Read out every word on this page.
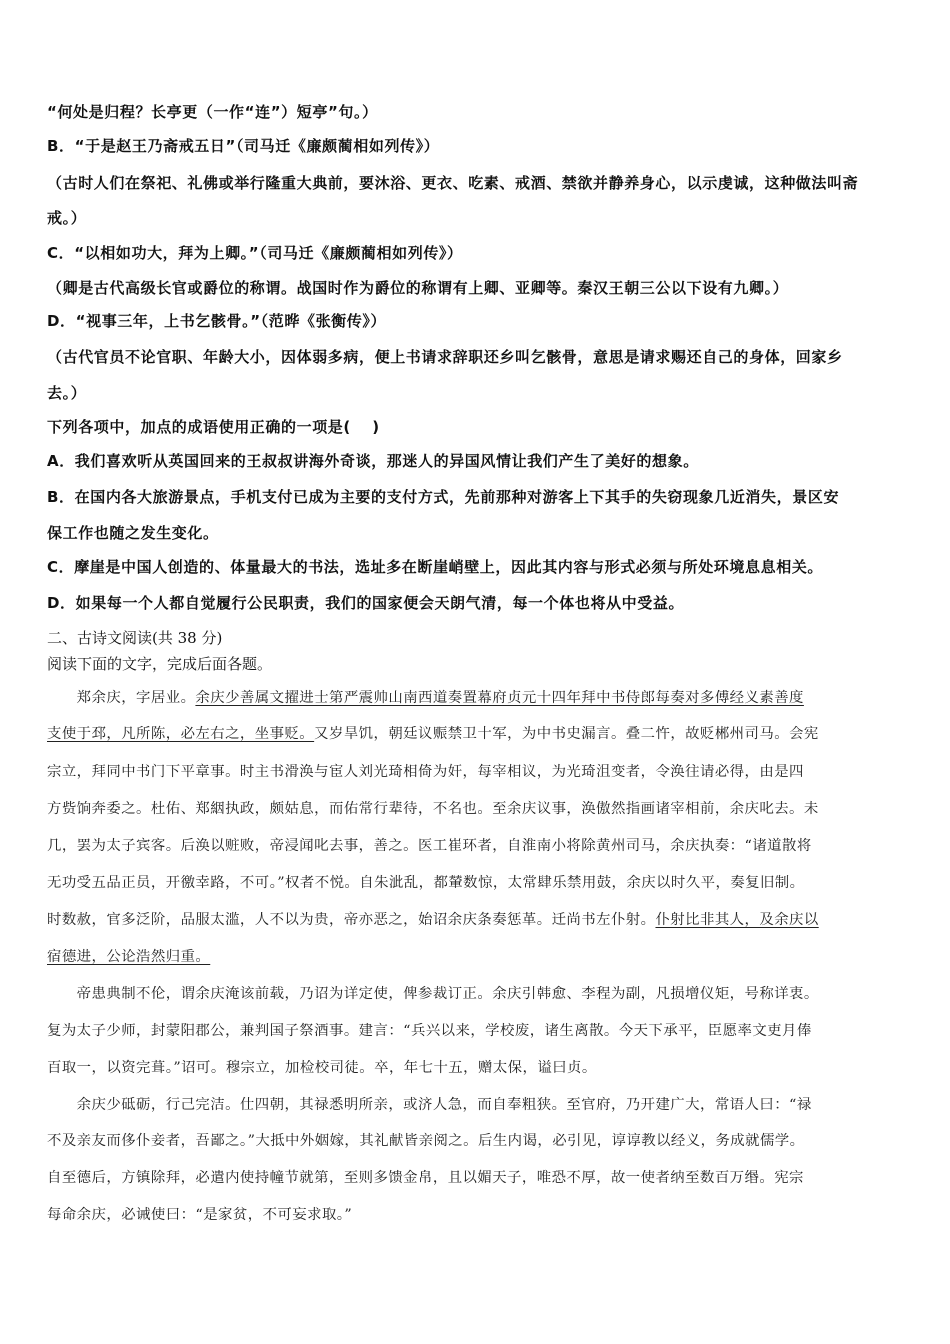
“何处是归程？长亭更（一作“连”）短亭”句。）
B．“于是赵王乃斋戒五日”（司马迁《廉颇蔺相如列传》）
（古时人们在祭祀、礼佛或举行隆重大典前，要沐浴、更衣、吃素、戒酒、禁欲并静养身心，以示虔诚，这种做法叫斋
戒。）
C．“以相如功大，拜为上卿。”（司马迁《廉颇蔺相如列传》）
（卿是古代高级长官或爵位的称谓。战国时作为爵位的称谓有上卿、亚卿等。秦汉王朝三公以下设有九卿。）
D．“视事三年，上书乞骸骨。”（范晔《张衡传》）
（古代官员不论官职、年龄大小，因体弱多病，便上书请求辞职还乡叫乞骸骨，意思是请求赐还自己的身体，回家乡
去。）
下列各项中，加点的成语使用正确的一项是(　 )
A．我们喜欢听从英国回来的王叔叔讲海外奇谈，那迷人的异国风情让我们产生了美好的想象。
B．在国内各大旅游景点，手机支付已成为主要的支付方式，先前那种对游客上下其手的失窃现象几近消失，景区安
保工作也随之发生变化。
C．摩崖是中国人创造的、体量最大的书法，选址多在断崖峭壁上，因此其内容与形式必须与所处环境息息相关。
D．如果每一个人都自觉履行公民职责，我们的国家便会天朗气清，每一个体也将从中受益。
二、古诗文阅读(共 38 分)
阅读下面的文字，完成后面各题。
　　郑余庆，字居业。余庆少善属文擢进士第严震帅山南西道奏置幕府贞元十四年拜中书侍郎每奏对多傅经义素善度
支使于邳，凡所陈，必左右之，坐事贬。又岁旱饥，朝廷议赈禁卫十军，为中书史漏言。叠二忤，故贬郴州司马。会宪
宗立，拜同中书门下平章事。时主书滑涣与宦人刘光琦相倚为奸，每宰相议，为光琦沮变者，令涣往请必得，由是四
方赀饷奔委之。杜佑、郑絪执政，颇姑息，而佑常行辈待，不名也。至余庆议事，涣傲然指画诸宰相前，余庆叱去。未
几，罢为太子宾客。后涣以赃败，帝浸闻叱去事，善之。医工崔环者，自淮南小将除黄州司马，余庆执奏：“诸道散将
无功受五品正员，开徼幸路，不可。”权者不悦。自朱泚乱，都輦数惊，太常肆乐禁用鼓，余庆以时久平，奏复旧制。
时数赦，官多泛阶，品服太滥，人不以为贵，帝亦恶之，始诏余庆条奏惩革。迁尚书左仆射。仆射比非其人，及余庆以
宿德进，公论浩然归重。
　　帝患典制不伦，谓余庆淹该前载，乃诏为详定使，俾参裁订正。余庆引韩愈、李程为副，凡损增仪矩，号称详衷。
复为太子少师，封蒙阳郡公，兼判国子祭酒事。建言：“兵兴以来，学校废，诸生离散。今天下承平，臣愿率文吏月俸
百取一，以资完葺。”诏可。穆宗立，加检校司徒。卒，年七十五，赠太保，谥曰贞。
　　余庆少砥砺，行己完洁。仕四朝，其禄悉明所亲，或济人急，而自奉粗狭。至官府，乃开建广大，常语人曰：“禄
不及亲友而侈仆妾者，吾鄙之。”大抵中外姻嫁，其礼献皆亲阅之。后生内谒，必引见，谆谆教以经义，务成就儒学。
自至德后，方镇除拜，必遣内使持幢节就第，至则多馈金帛，且以媚天子，唯恐不厚，故一使者纳至数百万缗。宪宗
每命余庆，必诫使曰：“是家贫，不可妄求取。”
